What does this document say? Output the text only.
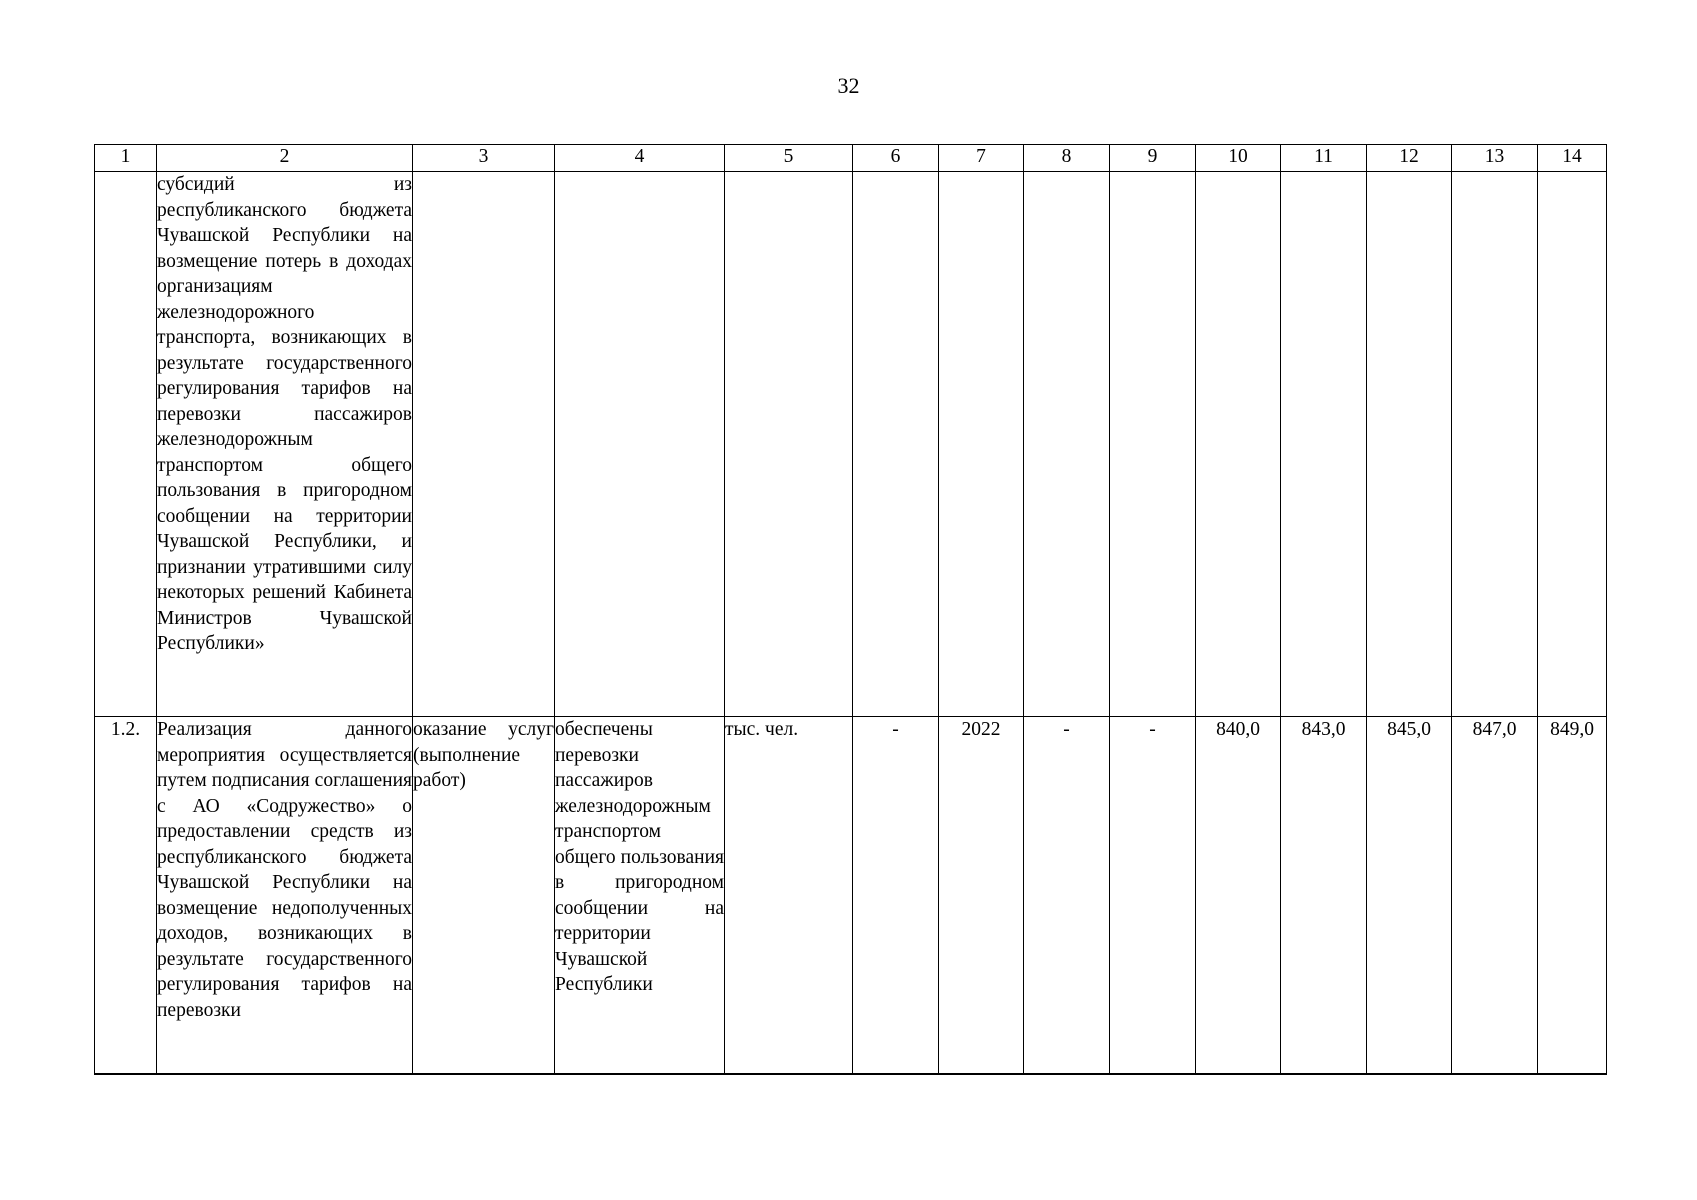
32
1	2	3	4	5	6	7	8	9	10	11	12	13	14
	субсидий из республиканского бюджета Чувашской Республики на возмещение потерь в доходах организациям железнодорожного транспорта, возникающих в результате государственного регулирования тарифов на перевозки пассажиров железнодорожным транспортом общего пользования в пригородном сообщении на территории Чувашской Республики, и признании утратившими силу некоторых решений Кабинета Министров Чувашской Республики»												
1.2.	Реализация данного мероприятия осуществляется путем подписания соглашения с АО «Содружество» о предоставлении средств из республиканского бюджета Чувашской Республики на возмещение недополученных доходов, возникающих в результате государственного регулирования тарифов на перевозки	оказание услуг (выполнение работ)	обеспечены перевозки пассажиров железнодорожным транспортом общего пользования в пригородном сообщении на территории Чувашской Республики	тыс. чел.	-	2022	-	-	840,0	843,0	845,0	847,0	849,0
